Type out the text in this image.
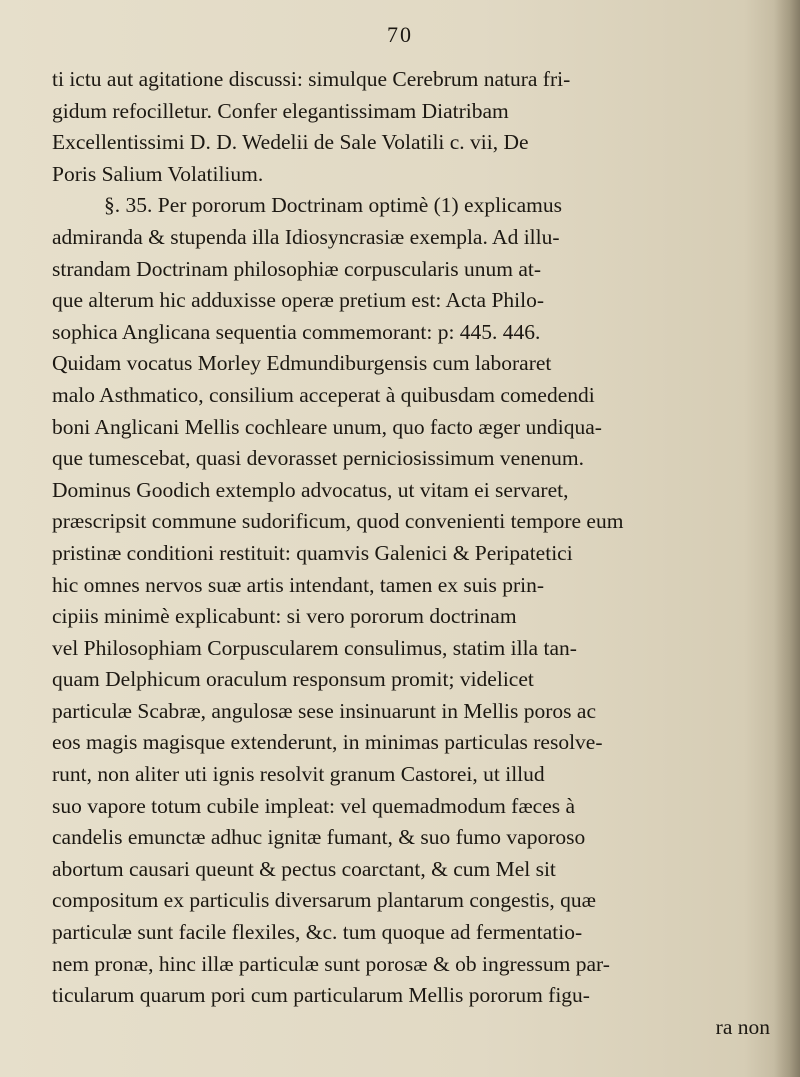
70
ti ictu aut agitatione discussi: simulque Cerebrum natura fri-
gidum refocilletur. Confer elegantissimam Diatribam
Excellentissimi D. D. Wedelii de Sale Volatili c. vii, De
Poris Salium Volatilium.
§. 35. Per pororum Doctrinam optimè (1) explicamus
admiranda & stupenda illa Idiosyncrasiæ exempla. Ad illu-
strandam Doctrinam philosophiæ corpuscularis unum at-
que alterum hic adduxisse operæ pretium est: Acta Philo-
sophica Anglicana sequentia commemorant: p: 445. 446.
Quidam vocatus Morley Edmundiburgensis cum laboraret
malo Asthmatico, consilium acceperat à quibusdam comedendi
boni Anglicani Mellis cochleare unum, quo facto æger undiqua-
que tumescebat, quasi devorasset perniciosissimum venenum.
Dominus Goodich extemplo advocatus, ut vitam ei servaret,
præscripsit commune sudorificum, quod convenienti tempore eum
pristinæ conditioni restituit: quamvis Galenici & Peripatetici
hic omnes nervos suæ artis intendant, tamen ex suis prin-
cipiis minimè explicabunt: si vero pororum doctrinam
vel Philosophiam Corpuscularem consulimus, statim illa tan-
quam Delphicum oraculum responsum promit; videlicet
particulæ Scabræ, angulosæ sese insinuarunt in Mellis poros ac
eos magis magisque extenderunt, in minimas particulas resolve-
runt, non aliter uti ignis resolvit granum Castorei, ut illud
suo vapore totum cubile impleat: vel quemadmodum fæces à
candelis emunctæ adhuc ignitæ fumant, & suo fumo vaporoso
abortum causari queunt & pectus coarctant, & cum Mel sit
compositum ex particulis diversarum plantarum congestis, quæ
particulæ sunt facile flexiles, &c. tum quoque ad fermentatio-
nem pronæ, hinc illæ particulæ sunt porosæ & ob ingressum par-
ticularum quarum pori cum particularum Mellis pororum figu-
ra non
